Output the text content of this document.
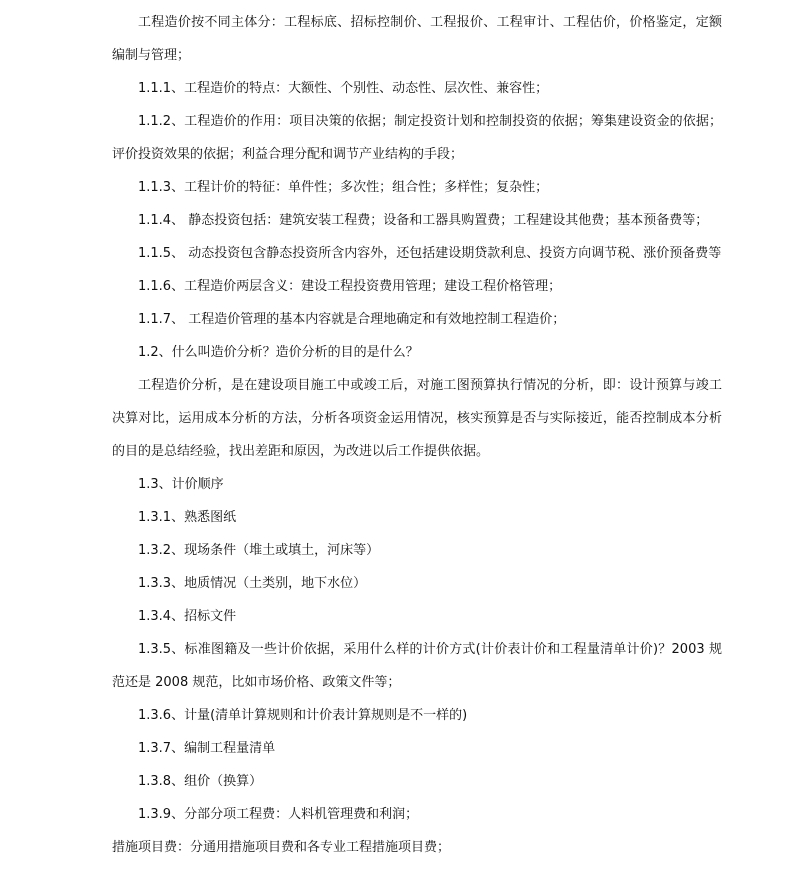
工程造价按不同主体分：工程标底、招标控制价、工程报价、工程审计、工程估价，价格鉴定，定额编制与管理；

1.1.1、工程造价的特点：大额性、个别性、动态性、层次性、兼容性；

1.1.2、工程造价的作用：项目决策的依据；制定投资计划和控制投资的依据；筹集建设资金的依据；评价投资效果的依据；利益合理分配和调节产业结构的手段；

1.1.3、工程计价的特征：单件性；多次性；组合性；多样性；复杂性；

1.1.4、 静态投资包括：建筑安装工程费；设备和工器具购置费；工程建设其他费；基本预备费等；

1.1.5、 动态投资包含静态投资所含内容外，还包括建设期贷款利息、投资方向调节税、涨价预备费等

1.1.6、工程造价两层含义：建设工程投资费用管理；建设工程价格管理；

1.1.7、 工程造价管理的基本内容就是合理地确定和有效地控制工程造价；

1.2、什么叫造价分析？造价分析的目的是什么？

工程造价分析，是在建设项目施工中或竣工后，对施工图预算执行情况的分析，即：设计预算与竣工决算对比，运用成本分析的方法，分析各项资金运用情况，核实预算是否与实际接近，能否控制成本分析的目的是总结经验，找出差距和原因，为改进以后工作提供依据。

1.3、计价顺序

1.3.1、熟悉图纸

1.3.2、现场条件（堆土或填土，河床等）

1.3.3、地质情况（土类别，地下水位）

1.3.4、招标文件

1.3.5、标准图籍及一些计价依据，采用什么样的计价方式(计价表计价和工程量清单计价)？2003 规范还是 2008 规范，比如市场价格、政策文件等；

1.3.6、计量(清单计算规则和计价表计算规则是不一样的)

1.3.7、编制工程量清单

1.3.8、组价（换算）

1.3.9、分部分项工程费：人料机管理费和利润；

措施项目费：分通用措施项目费和各专业工程措施项目费；
